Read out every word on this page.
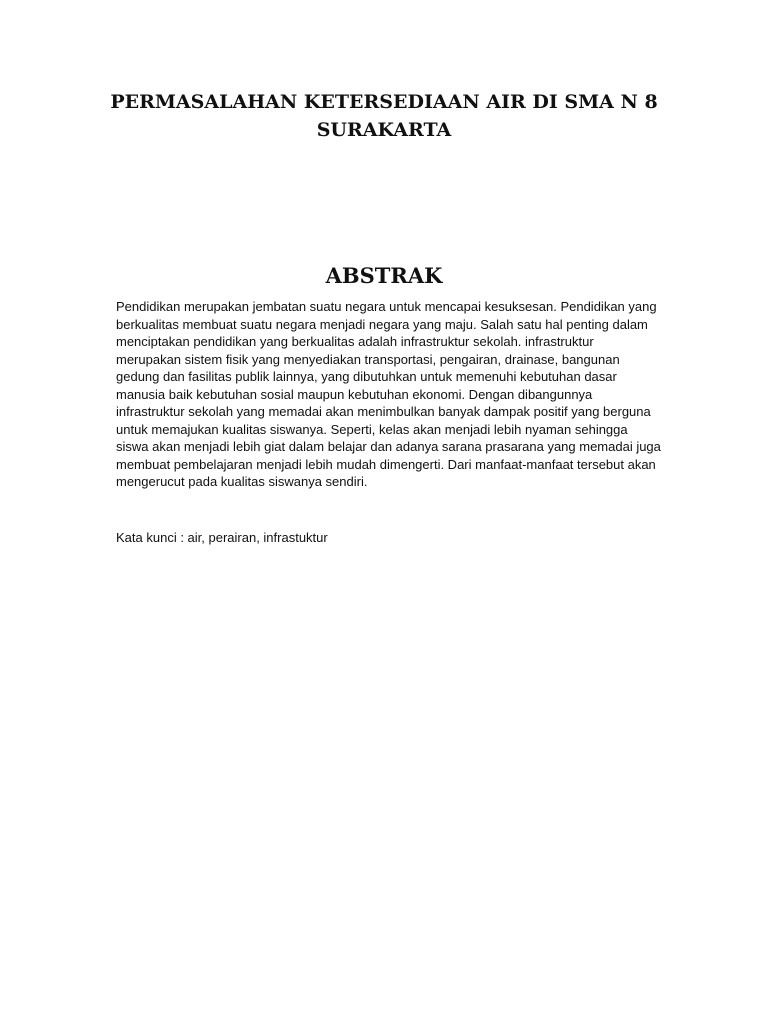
PERMASALAHAN KETERSEDIAAN AIR DI SMA N 8 SURAKARTA
ABSTRAK

Pendidikan merupakan jembatan suatu negara untuk mencapai kesuksesan. Pendidikan yang berkualitas membuat suatu negara menjadi negara yang maju. Salah satu hal penting dalam menciptakan pendidikan yang berkualitas adalah infrastruktur sekolah. infrastruktur merupakan sistem fisik yang menyediakan transportasi, pengairan, drainase, bangunan gedung dan fasilitas publik lainnya, yang dibutuhkan untuk memenuhi kebutuhan dasar manusia baik kebutuhan sosial maupun kebutuhan ekonomi. Dengan dibangunnya infrastruktur sekolah yang memadai akan menimbulkan banyak dampak positif yang berguna untuk memajukan kualitas siswanya. Seperti, kelas akan menjadi lebih nyaman sehingga siswa akan menjadi lebih giat dalam belajar dan adanya sarana prasarana yang memadai juga membuat pembelajaran menjadi lebih mudah dimengerti. Dari manfaat-manfaat tersebut akan mengerucut pada kualitas siswanya sendiri.

Kata kunci : air, perairan, infrastuktur
